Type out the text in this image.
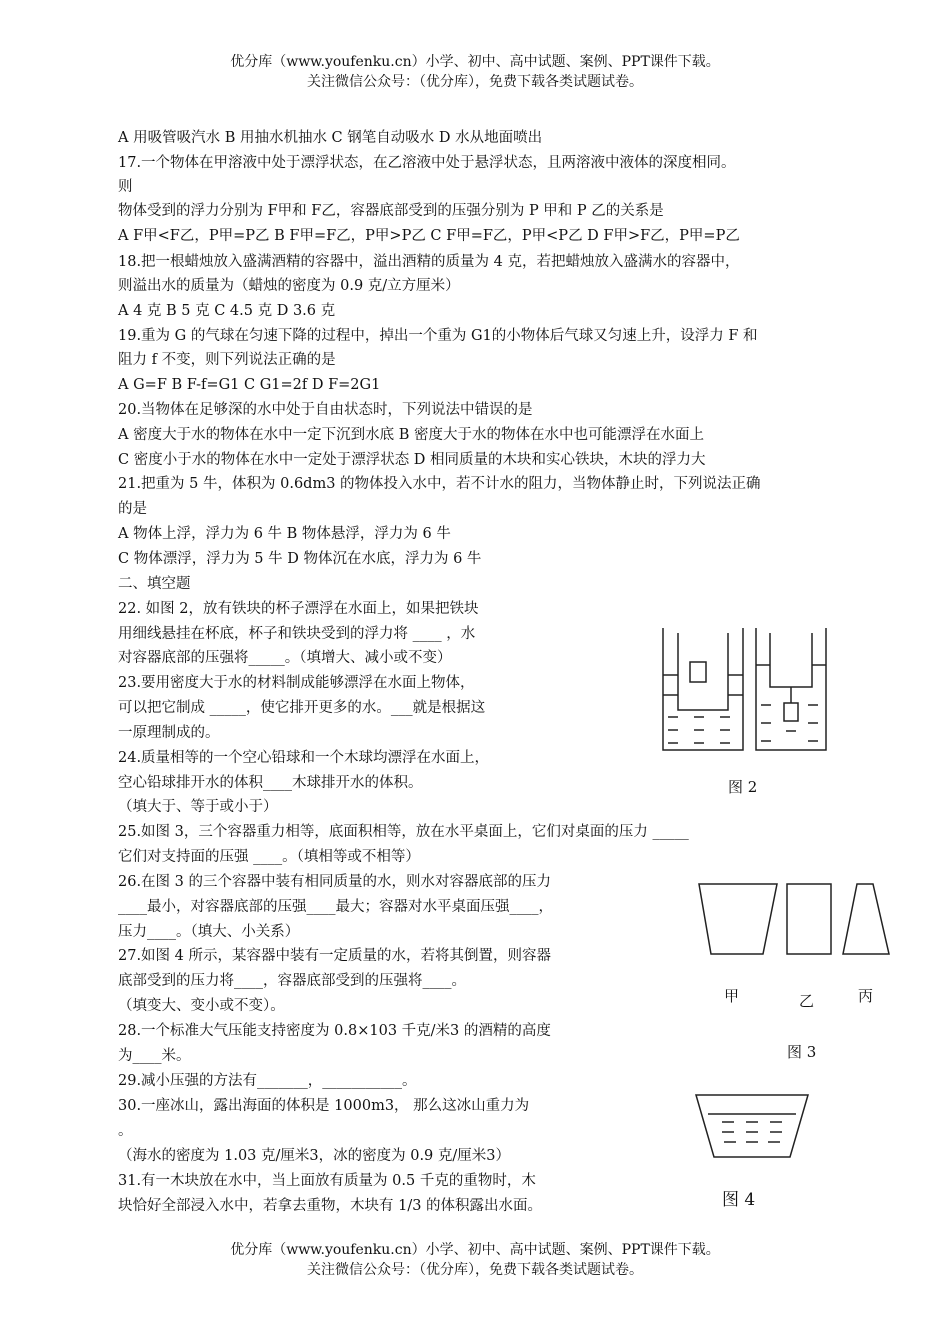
优分库（www.youfenku.cn）小学、初中、高中试题、案例、PPT课件下载。
关注微信公众号：（优分库），免费下载各类试题试卷。
A 用吸管吸汽水 B 用抽水机抽水 C 钢笔自动吸水 D 水从地面喷出
17.一个物体在甲溶液中处于漂浮状态，在乙溶液中处于悬浮状态，且两溶液中液体的深度相同。
则
物体受到的浮力分别为 F甲和 F乙，容器底部受到的压强分别为 P 甲和 P 乙的关系是
A F甲<F乙，P甲=P乙 B F甲=F乙，P甲>P乙 C F甲=F乙，P甲<P乙 D F甲>F乙，P甲=P乙
18.把一根蜡烛放入盛满酒精的容器中，溢出酒精的质量为 4 克，若把蜡烛放入盛满水的容器中，
则溢出水的质量为（蜡烛的密度为 0.9 克/立方厘米）
A 4 克 B 5 克 C 4.5 克 D 3.6 克
19.重为 G 的气球在匀速下降的过程中，掉出一个重为 G1的小物体后气球又匀速上升，设浮力 F 和
阻力 f 不变，则下列说法正确的是
A G=F B F-f=G1 C G1=2f D F=2G1
20.当物体在足够深的水中处于自由状态时，下列说法中错误的是
A 密度大于水的物体在水中一定下沉到水底 B 密度大于水的物体在水中也可能漂浮在水面上
C 密度小于水的物体在水中一定处于漂浮状态 D 相同质量的木块和实心铁块，木块的浮力大
21.把重为 5 牛，体积为 0.6dm3 的物体投入水中，若不计水的阻力，当物体静止时，下列说法正确
的是
A 物体上浮，浮力为 6 牛 B 物体悬浮，浮力为 6 牛
C 物体漂浮，浮力为 5 牛 D 物体沉在水底，浮力为 6 牛
二、填空题
22. 如图 2，放有铁块的杯子漂浮在水面上，如果把铁块
用细线悬挂在杯底，杯子和铁块受到的浮力将 ____ ，水
对容器底部的压强将_____。（填增大、减小或不变）
23.要用密度大于水的材料制成能够漂浮在水面上物体，
可以把它制成 _____，使它排开更多的水。___就是根据这
一原理制成的。
24.质量相等的一个空心铅球和一个木球均漂浮在水面上，
空心铅球排开水的体积____木球排开水的体积。
（填大于、等于或小于）
25.如图 3，三个容器重力相等，底面积相等，放在水平桌面上，它们对桌面的压力 _____
它们对支持面的压强 ____。（填相等或不相等）
26.在图 3 的三个容器中装有相同质量的水，则水对容器底部的压力
____最小，对容器底部的压强____最大；容器对水平桌面压强____，
压力____。（填大、小关系）
27.如图 4 所示，某容器中装有一定质量的水，若将其倒置，则容器
底部受到的压力将____，容器底部受到的压强将____。
（填变大、变小或不变）。
28.一个标准大气压能支持密度为 0.8×103 千克/米3 的酒精的高度
为____米。
29.减小压强的方法有_______，___________。
30.一座冰山，露出海面的体积是 1000m3， 那么这冰山重力为
。
（海水的密度为 1.03 克/厘米3，冰的密度为 0.9 克/厘米3）
31.有一木块放在水中，当上面放有质量为 0.5 千克的重物时，木
块恰好全部浸入水中，若拿去重物，木块有 1/3 的体积露出水面。
图 2
甲	乙	丙
图 3
图 4
优分库（www.youfenku.cn）小学、初中、高中试题、案例、PPT课件下载。
关注微信公众号：（优分库），免费下载各类试题试卷。
